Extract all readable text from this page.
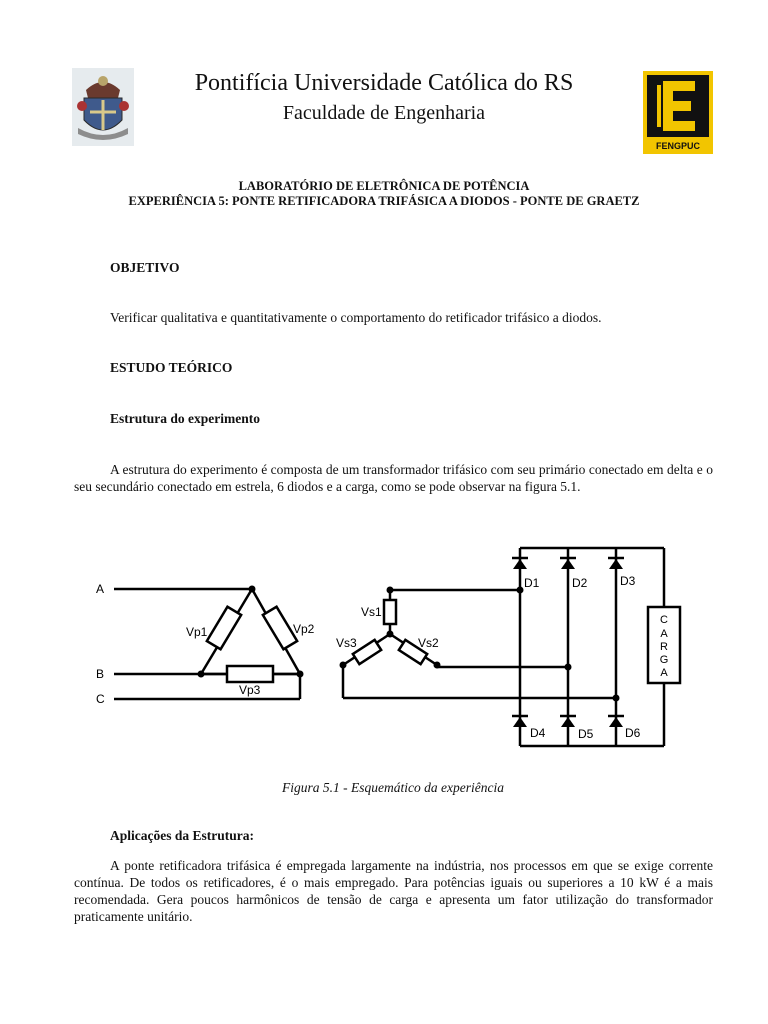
FENGPUC
Pontifícia Universidade Católica do RS
Faculdade de Engenharia
LABORATÓRIO DE ELETRÔNICA DE POTÊNCIA
EXPERIÊNCIA 5: PONTE RETIFICADORA TRIFÁSICA A DIODOS - PONTE DE GRAETZ
OBJETIVO
Verificar qualitativa e quantitativamente o comportamento do retificador trifásico a diodos.
ESTUDO TEÓRICO
Estrutura do experimento
A estrutura do experimento é composta de um transformador trifásico com seu primário conectado em delta e o seu secundário conectado em estrela, 6 diodos e a carga, como se pode observar na figura 5.1.
A
B
C
Vp1	Vp2
Vp3
Vs1
Vs3	Vs2
D1	D2	D3
D4	D5	D6
C
A
R
G
A
Figura 5.1 - Esquemático da experiência
Aplicações da Estrutura:
A ponte retificadora trifásica é empregada largamente na indústria, nos processos em que se exige corrente contínua. De todos os retificadores, é o mais empregado. Para potências iguais ou superiores a 10 kW é a mais recomendada. Gera poucos harmônicos de tensão de carga e apresenta um fator utilização do transformador praticamente unitário.
